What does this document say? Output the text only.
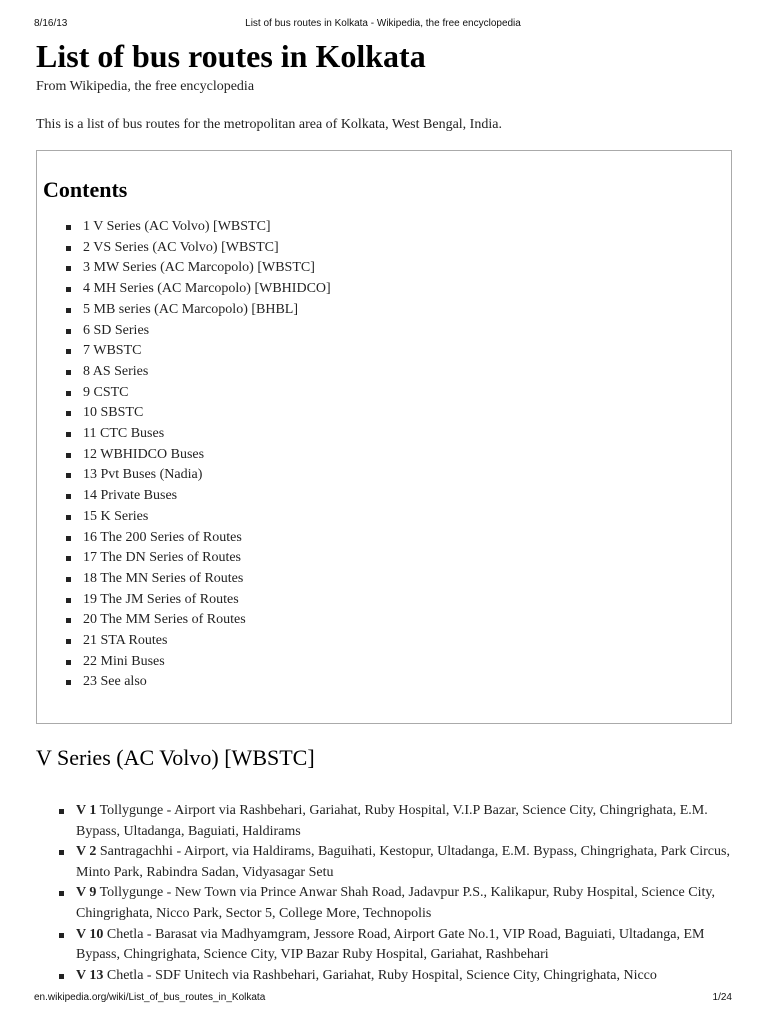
8/16/13	List of bus routes in Kolkata - Wikipedia, the free encyclopedia
List of bus routes in Kolkata
From Wikipedia, the free encyclopedia
This is a list of bus routes for the metropolitan area of Kolkata, West Bengal, India.
Contents
1 V Series (AC Volvo) [WBSTC]
2 VS Series (AC Volvo) [WBSTC]
3 MW Series (AC Marcopolo) [WBSTC]
4 MH Series (AC Marcopolo) [WBHIDCO]
5 MB series (AC Marcopolo) [BHBL]
6 SD Series
7 WBSTC
8 AS Series
9 CSTC
10 SBSTC
11 CTC Buses
12 WBHIDCO Buses
13 Pvt Buses (Nadia)
14 Private Buses
15 K Series
16 The 200 Series of Routes
17 The DN Series of Routes
18 The MN Series of Routes
19 The JM Series of Routes
20 The MM Series of Routes
21 STA Routes
22 Mini Buses
23 See also
V Series (AC Volvo) [WBSTC]
V 1 Tollygunge - Airport via Rashbehari, Gariahat, Ruby Hospital, V.I.P Bazar, Science City, Chingrighata, E.M. Bypass, Ultadanga, Baguiati, Haldirams
V 2 Santragachhi - Airport, via Haldirams, Baguihati, Kestopur, Ultadanga, E.M. Bypass, Chingrighata, Park Circus, Minto Park, Rabindra Sadan, Vidyasagar Setu
V 9 Tollygunge - New Town via Prince Anwar Shah Road, Jadavpur P.S., Kalikapur, Ruby Hospital, Science City, Chingrighata, Nicco Park, Sector 5, College More, Technopolis
V 10 Chetla - Barasat via Madhyamgram, Jessore Road, Airport Gate No.1, VIP Road, Baguiati, Ultadanga, EM Bypass, Chingrighata, Science City, VIP Bazar Ruby Hospital, Gariahat, Rashbehari
V 13 Chetla - SDF Unitech via Rashbehari, Gariahat, Ruby Hospital, Science City, Chingrighata, Nicco
en.wikipedia.org/wiki/List_of_bus_routes_in_Kolkata	1/24
